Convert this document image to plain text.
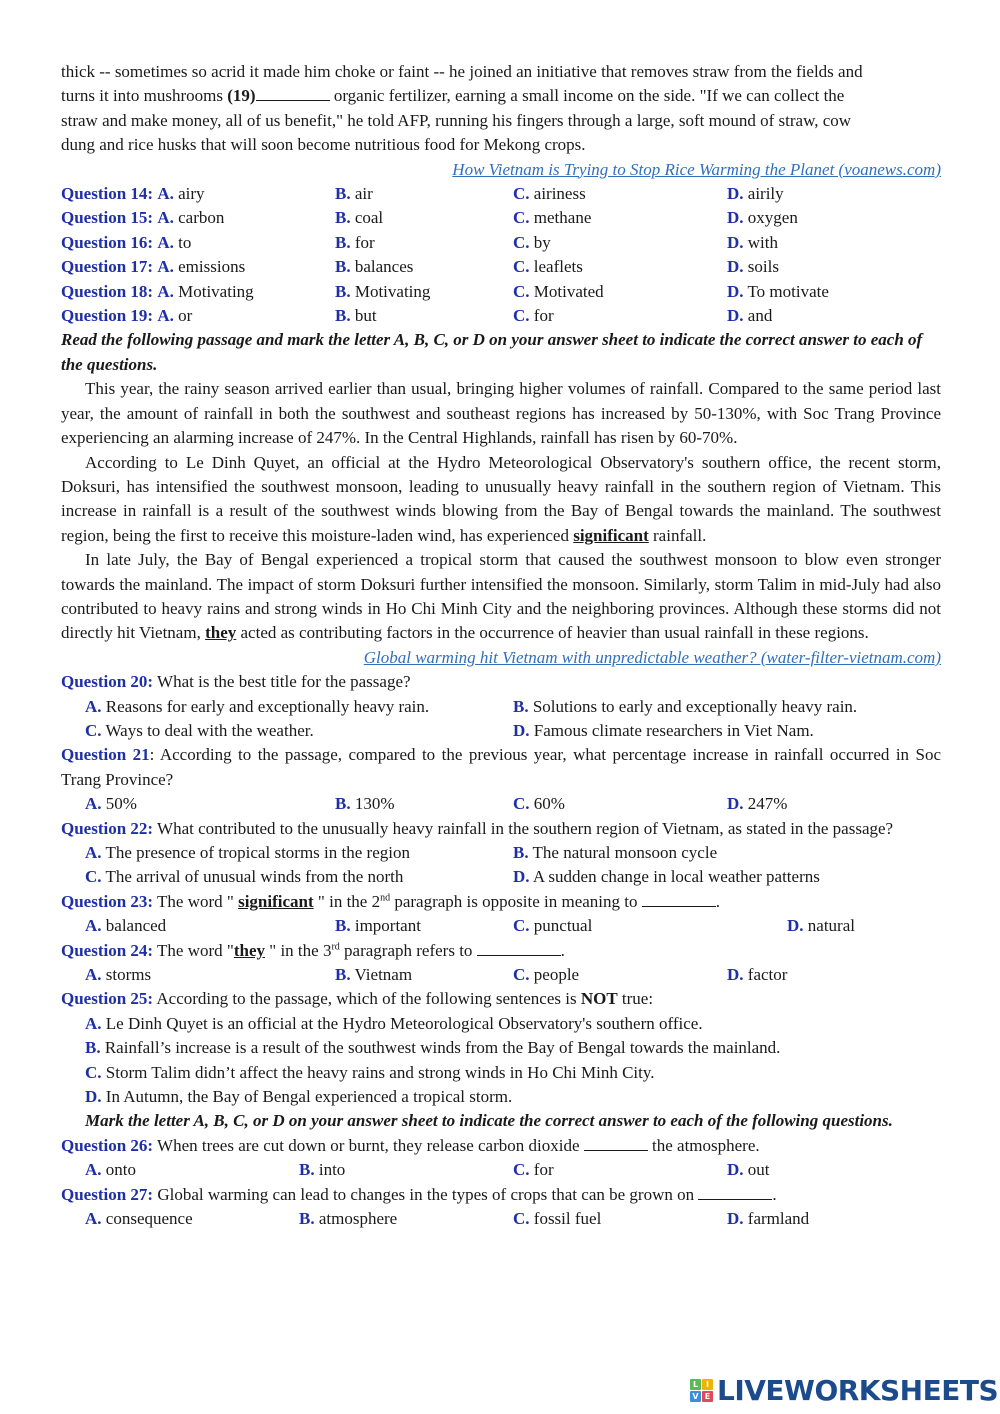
thick -- sometimes so acrid it made him choke or faint -- he joined an initiative that removes straw from the fields and
turns it into mushrooms (19)	organic fertilizer, earning a small income on the side. "If we can collect the
straw and make money, all of us benefit," he told AFP, running his fingers through a large, soft mound of straw, cow
dung and rice husks that will soon become nutritious food for Mekong crops.
How Vietnam is Trying to Stop Rice Warming the Planet (voanews.com)
Question 14: A. airy	B. air	C. airiness	D. airily
Question 15: A. carbon	B. coal	C. methane	D. oxygen
Question 16: A. to	B. for	C. by	D. with
Question 17: A. emissions	B. balances	C. leaflets	D. soils
Question 18: A. Motivating	B. Motivating	C. Motivated	D. To motivate
Question 19: A. or	B. but	C. for	D. and
Read the following passage and mark the letter A, B, C, or D on your answer sheet to indicate the correct answer to each of the questions.
This year, the rainy season arrived earlier than usual, bringing higher volumes of rainfall. Compared to the same period last year, the amount of rainfall in both the southwest and southeast regions has increased by 50-130%, with Soc Trang Province experiencing an alarming increase of 247%. In the Central Highlands, rainfall has risen by 60-70%.
According to Le Dinh Quyet, an official at the Hydro Meteorological Observatory's southern office, the recent storm, Doksuri, has intensified the southwest monsoon, leading to unusually heavy rainfall in the southern region of Vietnam. This increase in rainfall is a result of the southwest winds blowing from the Bay of Bengal towards the mainland. The southwest region, being the first to receive this moisture-laden wind, has experienced significant rainfall.
In late July, the Bay of Bengal experienced a tropical storm that caused the southwest monsoon to blow even stronger towards the mainland. The impact of storm Doksuri further intensified the monsoon. Similarly, storm Talim in mid-July had also contributed to heavy rains and strong winds in Ho Chi Minh City and the neighboring provinces. Although these storms did not directly hit Vietnam, they acted as contributing factors in the occurrence of heavier than usual rainfall in these regions.
Global warming hit Vietnam with unpredictable weather? (water-filter-vietnam.com)
Question 20: What is the best title for the passage?
A. Reasons for early and exceptionally heavy rain.	B. Solutions to early and exceptionally heavy rain.
C. Ways to deal with the weather.	D. Famous climate researchers in Viet Nam.
Question 21: According to the passage, compared to the previous year, what percentage increase in rainfall occurred in Soc Trang Province?
A. 50%	B. 130%	C. 60%	D. 247%
Question 22: What contributed to the unusually heavy rainfall in the southern region of Vietnam, as stated in the passage?
A. The presence of tropical storms in the region	B. The natural monsoon cycle
C. The arrival of unusual winds from the north	D. A sudden change in local weather patterns
Question 23: The word " significant " in the 2nd paragraph is opposite in meaning to	.
A. balanced	B. important	C. punctual	D. natural
Question 24: The word "they " in the 3rd paragraph refers to	.
A. storms	B. Vietnam	C. people	D. factor
Question 25: According to the passage, which of the following sentences is NOT true:
A. Le Dinh Quyet is an official at the Hydro Meteorological Observatory's southern office.
B. Rainfall’s increase is a result of the southwest winds from the Bay of Bengal towards the mainland.
C. Storm Talim didn’t affect the heavy rains and strong winds in Ho Chi Minh City.
D. In Autumn, the Bay of Bengal experienced a tropical storm.
Mark the letter A, B, C, or D on your answer sheet to indicate the correct answer to each of the following questions.
Question 26: When trees are cut down or burnt, they release carbon dioxide	the atmosphere.
A. onto	B. into	C. for	D. out
Question 27: Global warming can lead to changes in the types of crops that can be grown on	.
A. consequence	B. atmosphere	C. fossil fuel	D. farmland
L I
V E LIVEWORKSHEETS
